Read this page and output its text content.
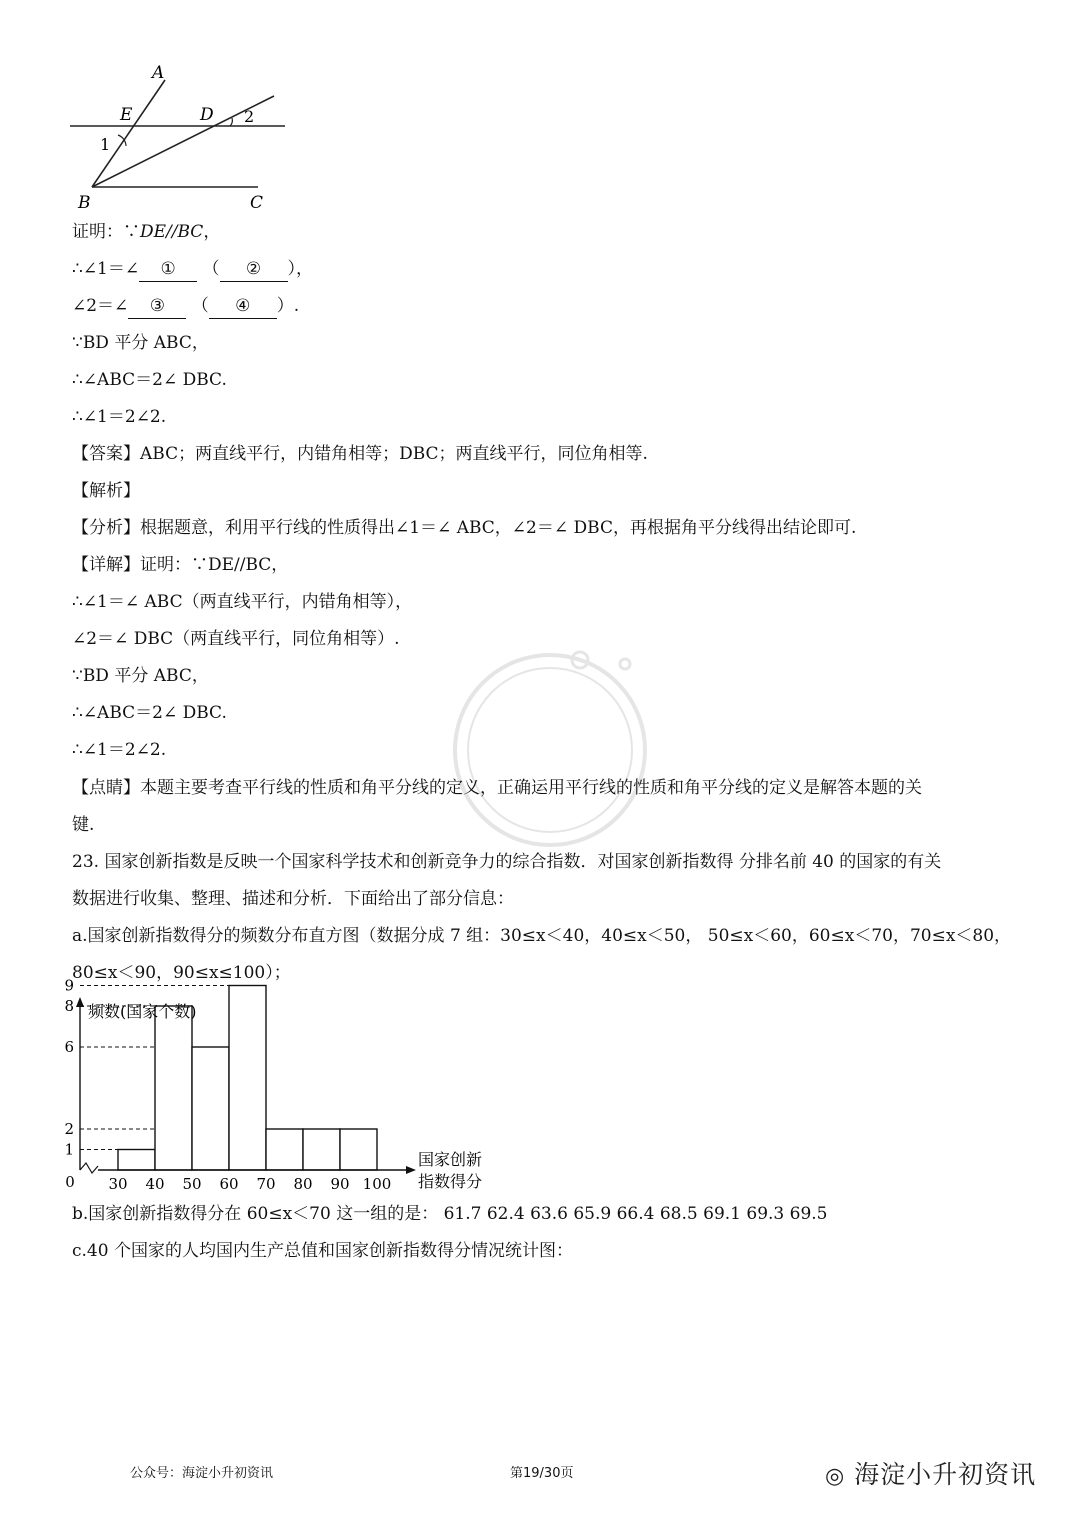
A
E	D 2
1
B	C
证明：∵DE//BC，
∴∠1＝∠ ① （ ② ），
∠2＝∠ ③ （ ④ ）.
∵BD 平分 ABC，
∴∠ABC＝2∠ DBC.
∴∠1＝2∠2.
【答案】ABC；两直线平行，内错角相等；DBC；两直线平行，同位角相等.
【解析】
【分析】根据题意，利用平行线的性质得出∠1＝∠ ABC，∠2＝∠ DBC，再根据角平分线得出结论即可.
【详解】证明：∵DE//BC，
∴∠1＝∠ ABC（两直线平行，内错角相等），
∠2＝∠ DBC（两直线平行，同位角相等）.
∵BD 平分 ABC，
∴∠ABC＝2∠ DBC.
∴∠1＝2∠2.
【点睛】本题主要考查平行线的性质和角平分线的定义，正确运用平行线的性质和角平分线的定义是解答本题的关
键.
23. 国家创新指数是反映一个国家科学技术和创新竞争力的综合指数．对国家创新指数得 分排名前 40 的国家的有关
数据进行收集、整理、描述和分析．下面给出了部分信息：
a.国家创新指数得分的频数分布直方图（数据分成 7 组：30≤x＜40，40≤x＜50， 50≤x＜60，60≤x＜70，70≤x＜80，
80≤x＜90，90≤x≤100）；
频数(国家个数)
国家创新
指数得分
0
1
2
6
8
9
30 40 50 60 70 80 90 100
b.国家创新指数得分在 60≤x＜70 这一组的是： 61.7 62.4 63.6 65.9 66.4 68.5 69.1 69.3 69.5
c.40 个国家的人均国内生产总值和国家创新指数得分情况统计图：
公众号：海淀小升初资讯	第19/30页	◎ 海淀小升初资讯
